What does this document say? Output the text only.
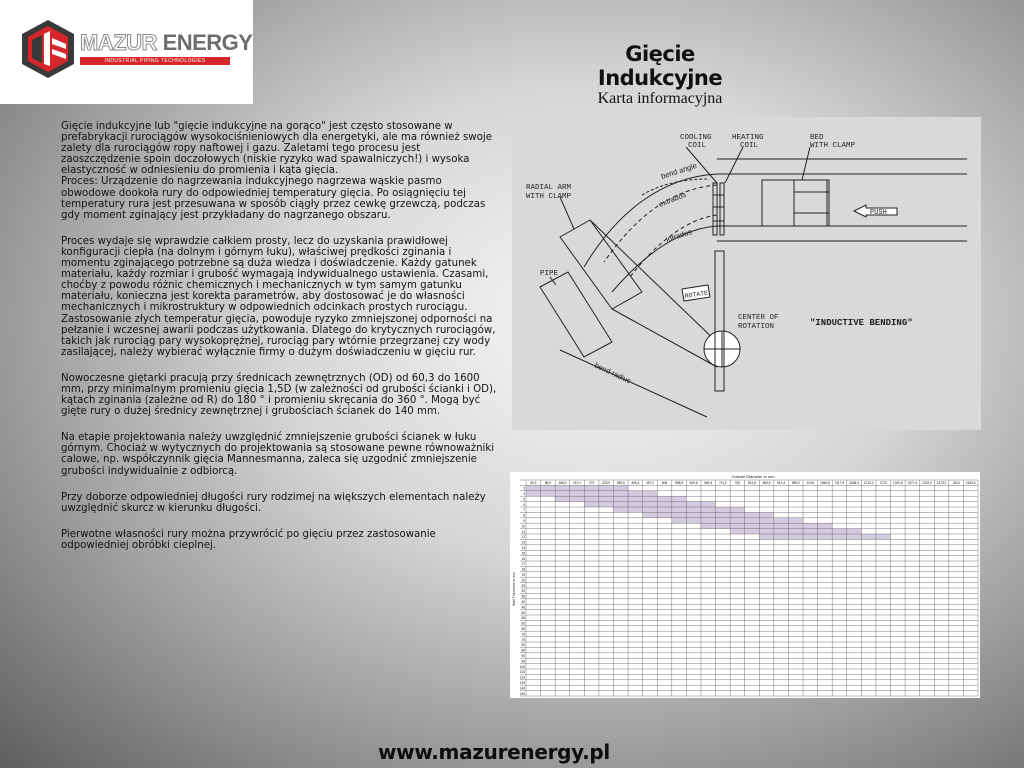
MAZUR ENERGY
INDUSTRIAL PIPING TECHNOLOGIES	Gięcie Indukcyjne
Karta informacyjna

Gięcie indukcyjne lub "gięcie indukcyjne na gorąco" jest często stosowane w prefabrykacji rurociągów wysokociśnieniowych dla energetyki, ale ma również swoje zalety dla rurociągów ropy naftowej i gazu. Zaletami tego procesu jest zaoszczędzenie spoin doczołowych (niskie ryzyko wad spawalniczych!) i wysoka elastyczność w odniesieniu do promienia i kąta gięcia.

Proces: Urządzenie do nagrzewania indukcyjnego nagrzewa wąskie pasmo obwodowe dookoła rury do odpowiedniej temperatury gięcia. Po osiągnięciu tej temperatury rura jest przesuwana w sposób ciągły przez cewkę grzewczą, podczas gdy moment zginający jest przykładany do nagrzanego obszaru.

Proces wydaje się wprawdzie całkiem prosty, lecz do uzyskania prawidłowej konfiguracji ciepła (na dolnym i górnym łuku), właściwej prędkości zginania i momentu zginającego potrzebne są duża wiedza i doświadczenie. Każdy gatunek materiału, każdy rozmiar i grubość wymagają indywidualnego ustawienia. Czasami, choćby z powodu różnic chemicznych i mechanicznych w tym samym gatunku materiału, konieczna jest korekta parametrów, aby dostosować je do własności mechanicznych i mikrostruktury w odpowiednich odcinkach prostych rurociągu. Zastosowanie złych temperatur gięcia, powoduje ryzyko zmniejszonej odporności na pełzanie i wczesnej awarii podczas użytkowania. Dlatego do krytycznych rurociągów, takich jak rurociąg pary wysokoprężnej, rurociąg pary wtórnie przegrzanej czy wody zasilającej, należy wybierać wyłącznie firmy o dużym doświadczeniu w gięciu rur.

Nowoczesne giętarki pracują przy średnicach zewnętrznych (OD) od 60,3 do 1600 mm, przy minimalnym promieniu gięcia 1,5D (w zależności od grubości ścianki i OD), kątach zginania (zależne od R) do 180 ° i promieniu skręcania do 360 °. Mogą być gięte rury o dużej średnicy zewnętrznej i grubościach ścianek do 140 mm.

Na etapie projektowania należy uwzględnić zmniejszenie grubości ścianek w łuku górnym. Chociaż w wytycznych do projektowania są stosowane pewne równoważniki calowe, np. współczynnik gięcia Mannesmanna, zaleca się uzgodnić zmniejszenie grubości indywidualnie z odbiorcą.

Przy doborze odpowiedniej długości rury rodzimej na większych elementach należy uwzględnić skurcz w kierunku długości.

Pierwotne własności rury można przywrócić po gięciu przez zastosowanie odpowiedniej obróbki cieplnej.

COOLING
COIL
HEATING
COIL
BED
WITH CLAMP
RADIAL ARM
WITH CLAMP
bend angle
extrados
intrados
PUSH
PIPE
ROTATE
CENTER OF
ROTATION
bend radius
"INDUCTIVE BENDING"
Outside Diameter in mm
Wall Thickness in mm
60,3	88,9 168,3 219,1 273 323,9 355,6 406,4 457,2 508 558,8 609,6 660,4 711,2	762 812,8 863,6 914,4 965,2 1016 1066,8 1117,6 1168,4 1219,2 1270 1320,8 1371,6 1422,4 1473,2 1524 1625,6
3
4
5
6
7
8
9
10
11
12
13
14
15
16
17
18
19
20
25
30
35
40
45
50
55
60
65
70
75
80
85
90
95
100
110
120
130
140
150
www.mazurenergy.pl
